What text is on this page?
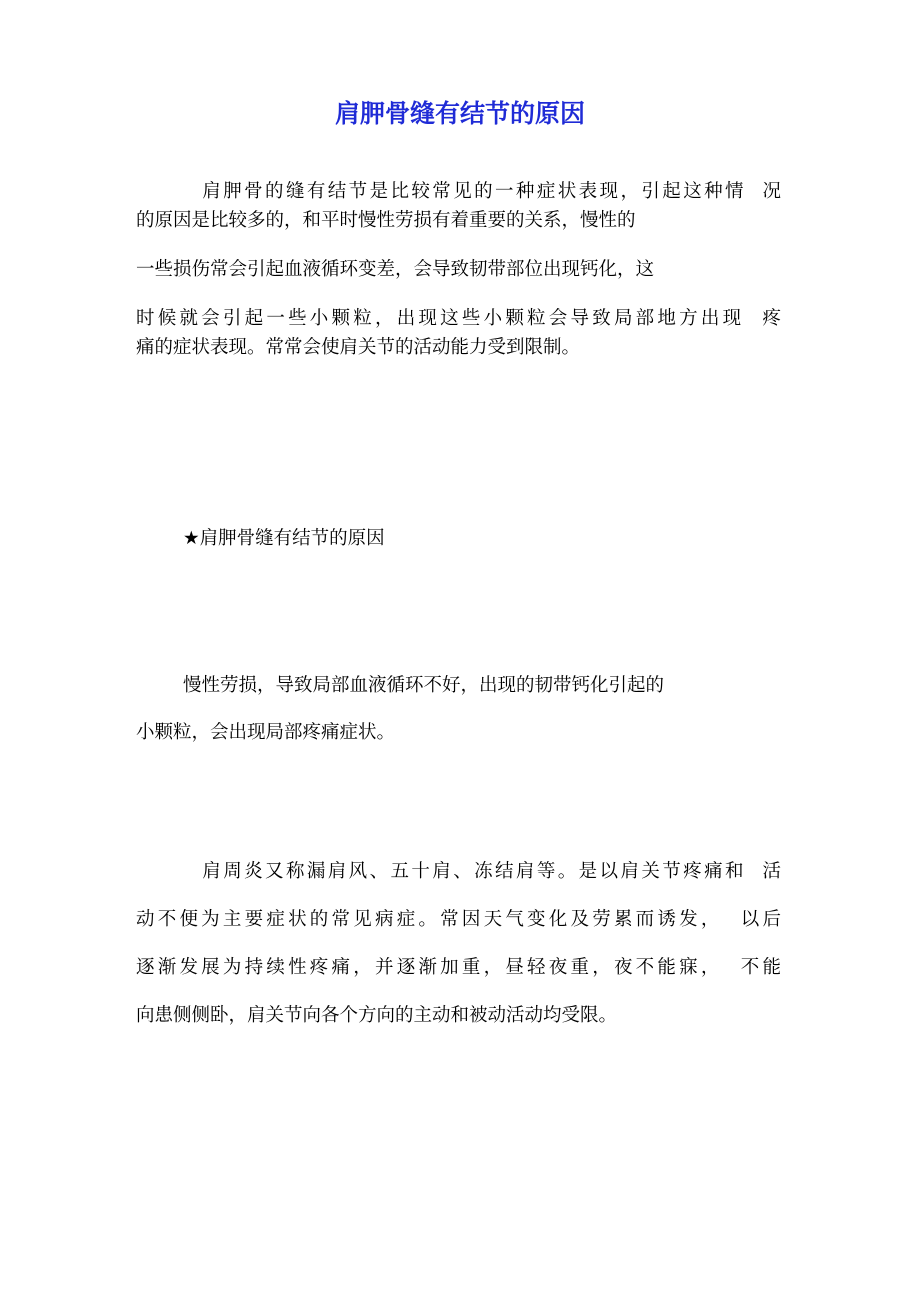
肩胛骨缝有结节的原因

肩胛骨的缝有结节是比较常见的一种症状表现，引起这种情  况

的原因是比较多的，和平时慢性劳损有着重要的关系，慢性的

一些损伤常会引起血液循环变差，会导致韧带部位出现钙化，这

时候就会引起一些小颗粒，出现这些小颗粒会导致局部地方出现  疼

痛的症状表现。常常会使肩关节的活动能力受到限制。

★肩胛骨缝有结节的原因

慢性劳损，导致局部血液循环不好，出现的韧带钙化引起的

小颗粒，会出现局部疼痛症状。

肩周炎又称漏肩风、五十肩、冻结肩等。是以肩关节疼痛和  活

动不便为主要症状的常见病症。常因天气变化及劳累而诱发，  以后

逐渐发展为持续性疼痛，并逐渐加重，昼轻夜重，夜不能寐，  不能

向患侧侧卧，肩关节向各个方向的主动和被动活动均受限。
